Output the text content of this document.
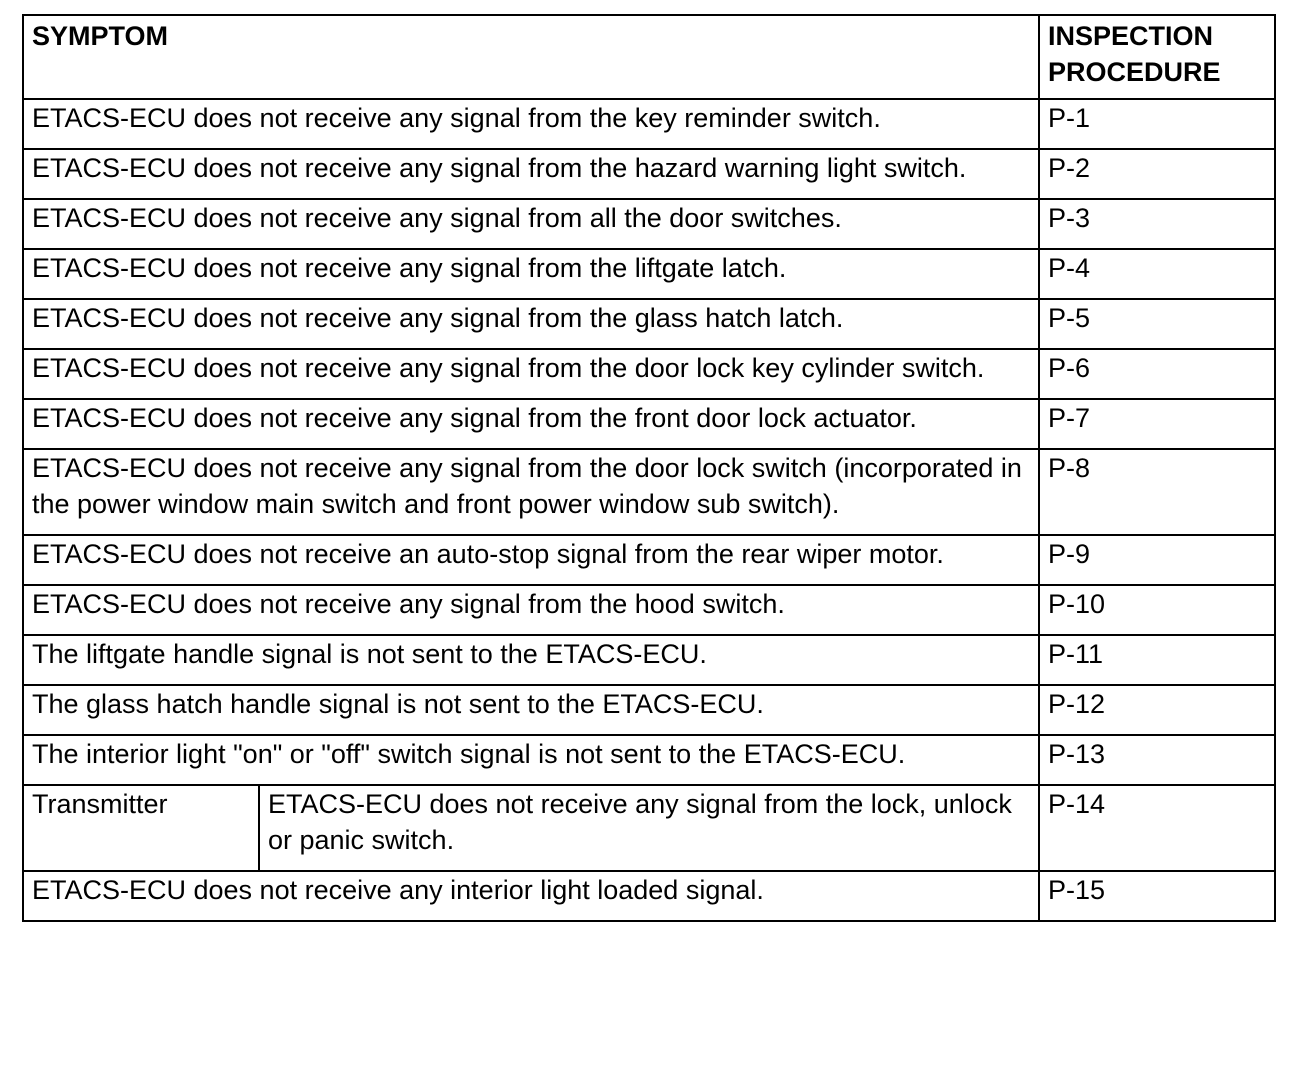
SYMPTOM		INSPECTION
PROCEDURE
ETACS-ECU does not receive any signal from the key reminder switch.		P-1
ETACS-ECU does not receive any signal from the hazard warning light switch.		P-2
ETACS-ECU does not receive any signal from all the door switches.		P-3
ETACS-ECU does not receive any signal from the liftgate latch.		P-4
ETACS-ECU does not receive any signal from the glass hatch latch.		P-5
ETACS-ECU does not receive any signal from the door lock key cylinder switch.		P-6
ETACS-ECU does not receive any signal from the front door lock actuator.		P-7
ETACS-ECU does not receive any signal from the door lock switch (incorporated in the power window main switch and front power window sub switch).		P-8
ETACS-ECU does not receive an auto-stop signal from the rear wiper motor.		P-9
ETACS-ECU does not receive any signal from the hood switch.		P-10
The liftgate handle signal is not sent to the ETACS-ECU.		P-11
The glass hatch handle signal is not sent to the ETACS-ECU.		P-12
The interior light "on" or "off" switch signal is not sent to the ETACS-ECU.		P-13
Transmitter	ETACS-ECU does not receive any signal from the lock, unlock or panic switch.	P-14
ETACS-ECU does not receive any interior light loaded signal.		P-15
